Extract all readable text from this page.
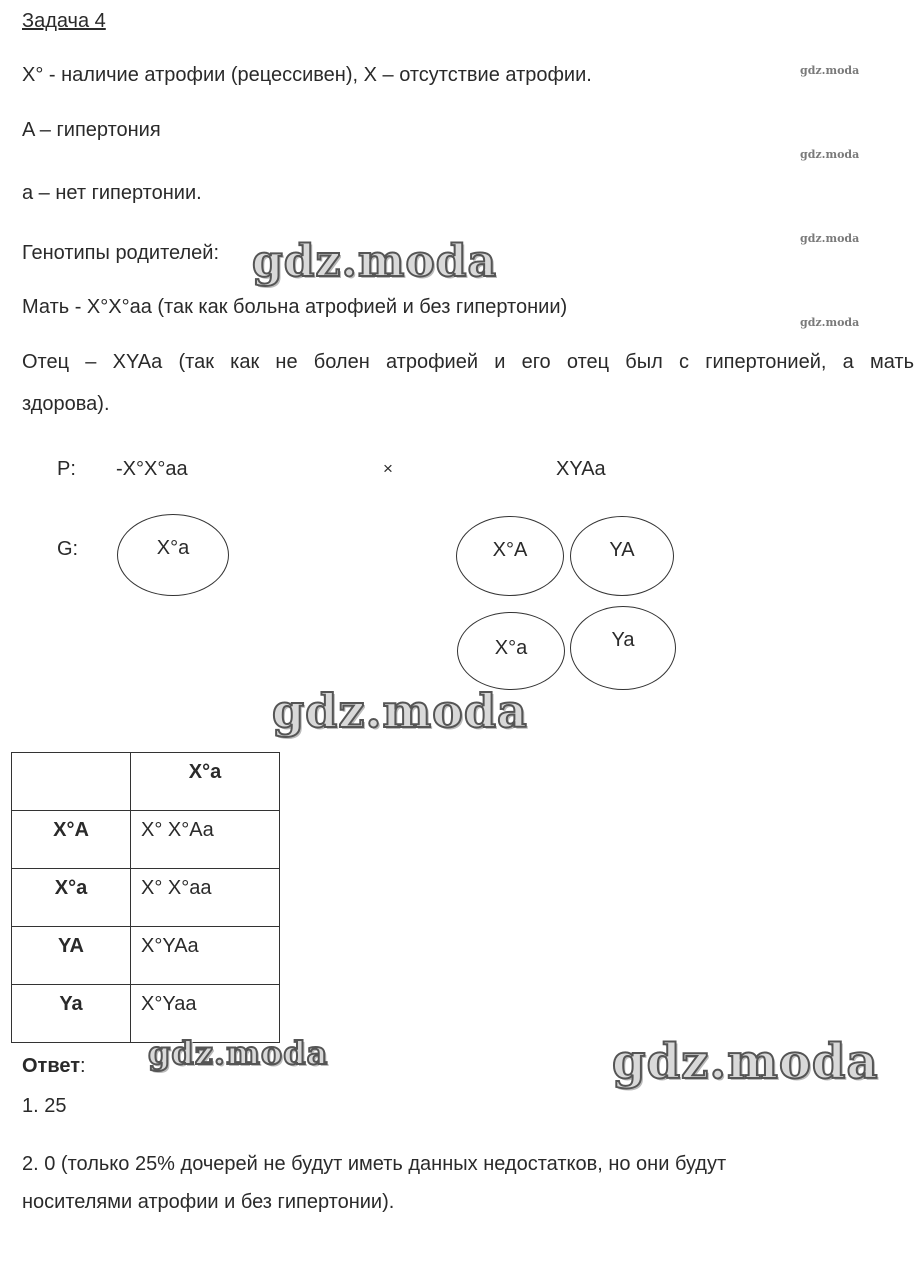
Задача 4
X° - наличие атрофии (рецессивен), X – отсутствие атрофии.
A – гипертония
a – нет гипертонии.
Генотипы родителей:
Мать - X°X°aa (так как больна атрофией и без гипертонии)
Отец – XYAa (так как не болен атрофией и его отец был с гипертонией, а мать
здорова).
P: -X°X°aa	×	XYAa
G:	X°a	X°A	YA
X°a	Ya
	X°a
X°A	X° X°Aa
X°a	X° X°aa
YA	X°YAa
Ya	X°Yaa
Ответ:
1. 25
2. 0 (только 25% дочерей не будут иметь данных недостатков, но они будут
носителями атрофии и без гипертонии).
gdz.moda
gdz.moda
gdz.moda
gdz.moda
gdz.moda
gdz.moda
gdz.moda	gdz.moda
